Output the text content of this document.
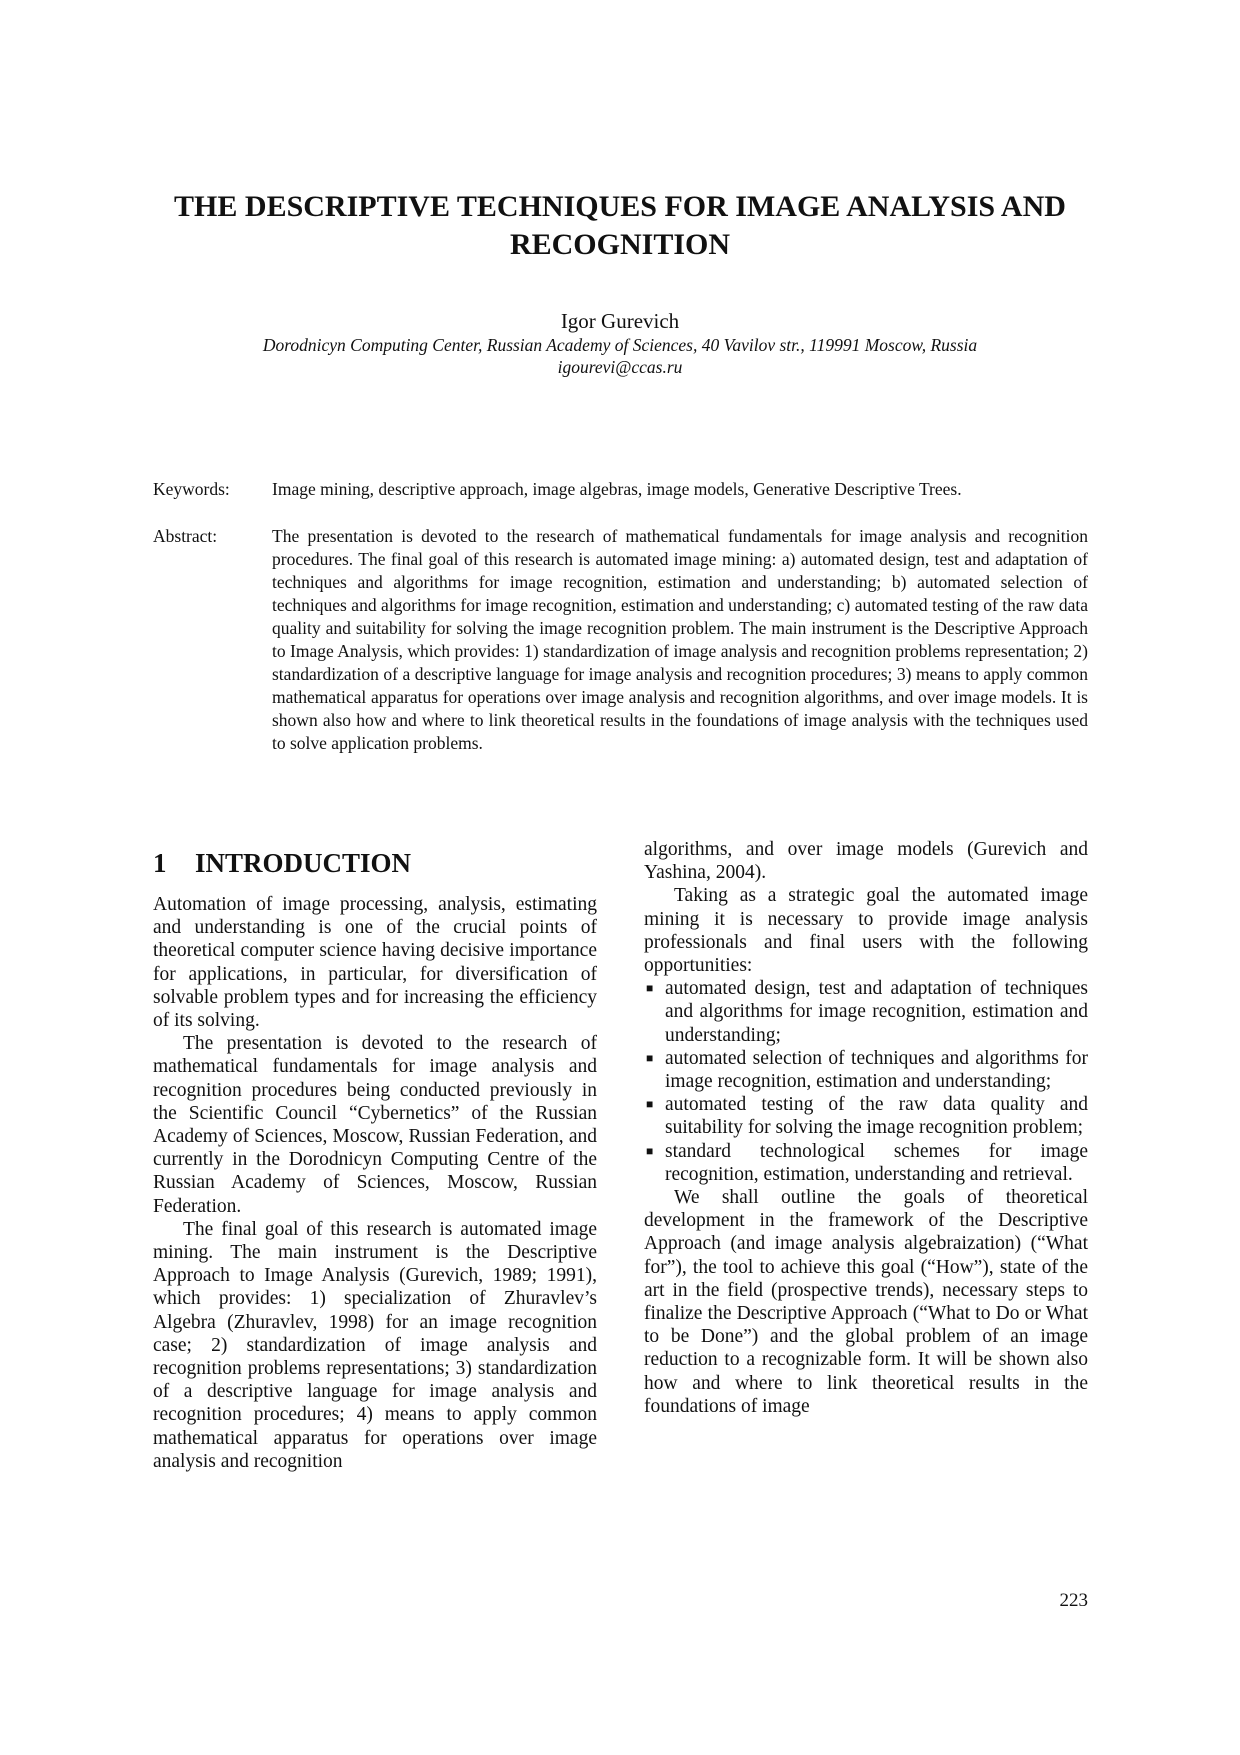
THE DESCRIPTIVE TECHNIQUES FOR IMAGE ANALYSIS AND RECOGNITION
Igor Gurevich
Dorodnicyn Computing Center, Russian Academy of Sciences, 40 Vavilov str., 119991 Moscow, Russia
igourevi@ccas.ru
Keywords: Image mining, descriptive approach, image algebras, image models, Generative Descriptive Trees.
Abstract:	The presentation is devoted to the research of mathematical fundamentals for image analysis and recognition procedures. The final goal of this research is automated image mining: a) automated design, test and adaptation of techniques and algorithms for image recognition, estimation and understanding; b) automated selection of techniques and algorithms for image recognition, estimation and understanding; c) automated testing of the raw data quality and suitability for solving the image recognition problem. The main instrument is the Descriptive Approach to Image Analysis, which provides: 1) standardization of image analysis and recognition problems representation; 2) standardization of a descriptive language for image analysis and recognition procedures; 3) means to apply common mathematical apparatus for operations over image analysis and recognition algorithms, and over image models. It is shown also how and where to link theoretical results in the foundations of image analysis with the techniques used to solve application problems.
1 INTRODUCTION

Automation of image processing, analysis, estimating and understanding is one of the crucial points of theoretical computer science having decisive importance for applications, in particular, for diversification of solvable problem types and for increasing the efficiency of its solving.

The presentation is devoted to the research of mathematical fundamentals for image analysis and recognition procedures being conducted previously in the Scientific Council “Cybernetics” of the Russian Academy of Sciences, Moscow, Russian Federation, and currently in the Dorodnicyn Computing Centre of the Russian Academy of Sciences, Moscow, Russian Federation.

The final goal of this research is automated image mining. The main instrument is the Descriptive Approach to Image Analysis (Gurevich, 1989; 1991), which provides: 1) specialization of Zhuravlev’s Algebra (Zhuravlev, 1998) for an image recognition case; 2) standardization of image analysis and recognition problems representations; 3) standardization of a descriptive language for image analysis and recognition procedures; 4) means to apply common mathematical apparatus for operations over image analysis and recognition

algorithms, and over image models (Gurevich and Yashina, 2004).

Taking as a strategic goal the automated image mining it is necessary to provide image analysis professionals and final users with the following opportunities:

■ automated design, test and adaptation of techniques and algorithms for image recognition, estimation and understanding;
■ automated selection of techniques and algorithms for image recognition, estimation and understanding;
■ automated testing of the raw data quality and suitability for solving the image recognition problem;
■ standard technological schemes for image recognition, estimation, understanding and retrieval.

We shall outline the goals of theoretical development in the framework of the Descriptive Approach (and image analysis algebraization) (“What for”), the tool to achieve this goal (“How”), state of the art in the field (prospective trends), necessary steps to finalize the Descriptive Approach (“What to Do or What to be Done”) and the global problem of an image reduction to a recognizable form. It will be shown also how and where to link theoretical results in the foundations of image

223
